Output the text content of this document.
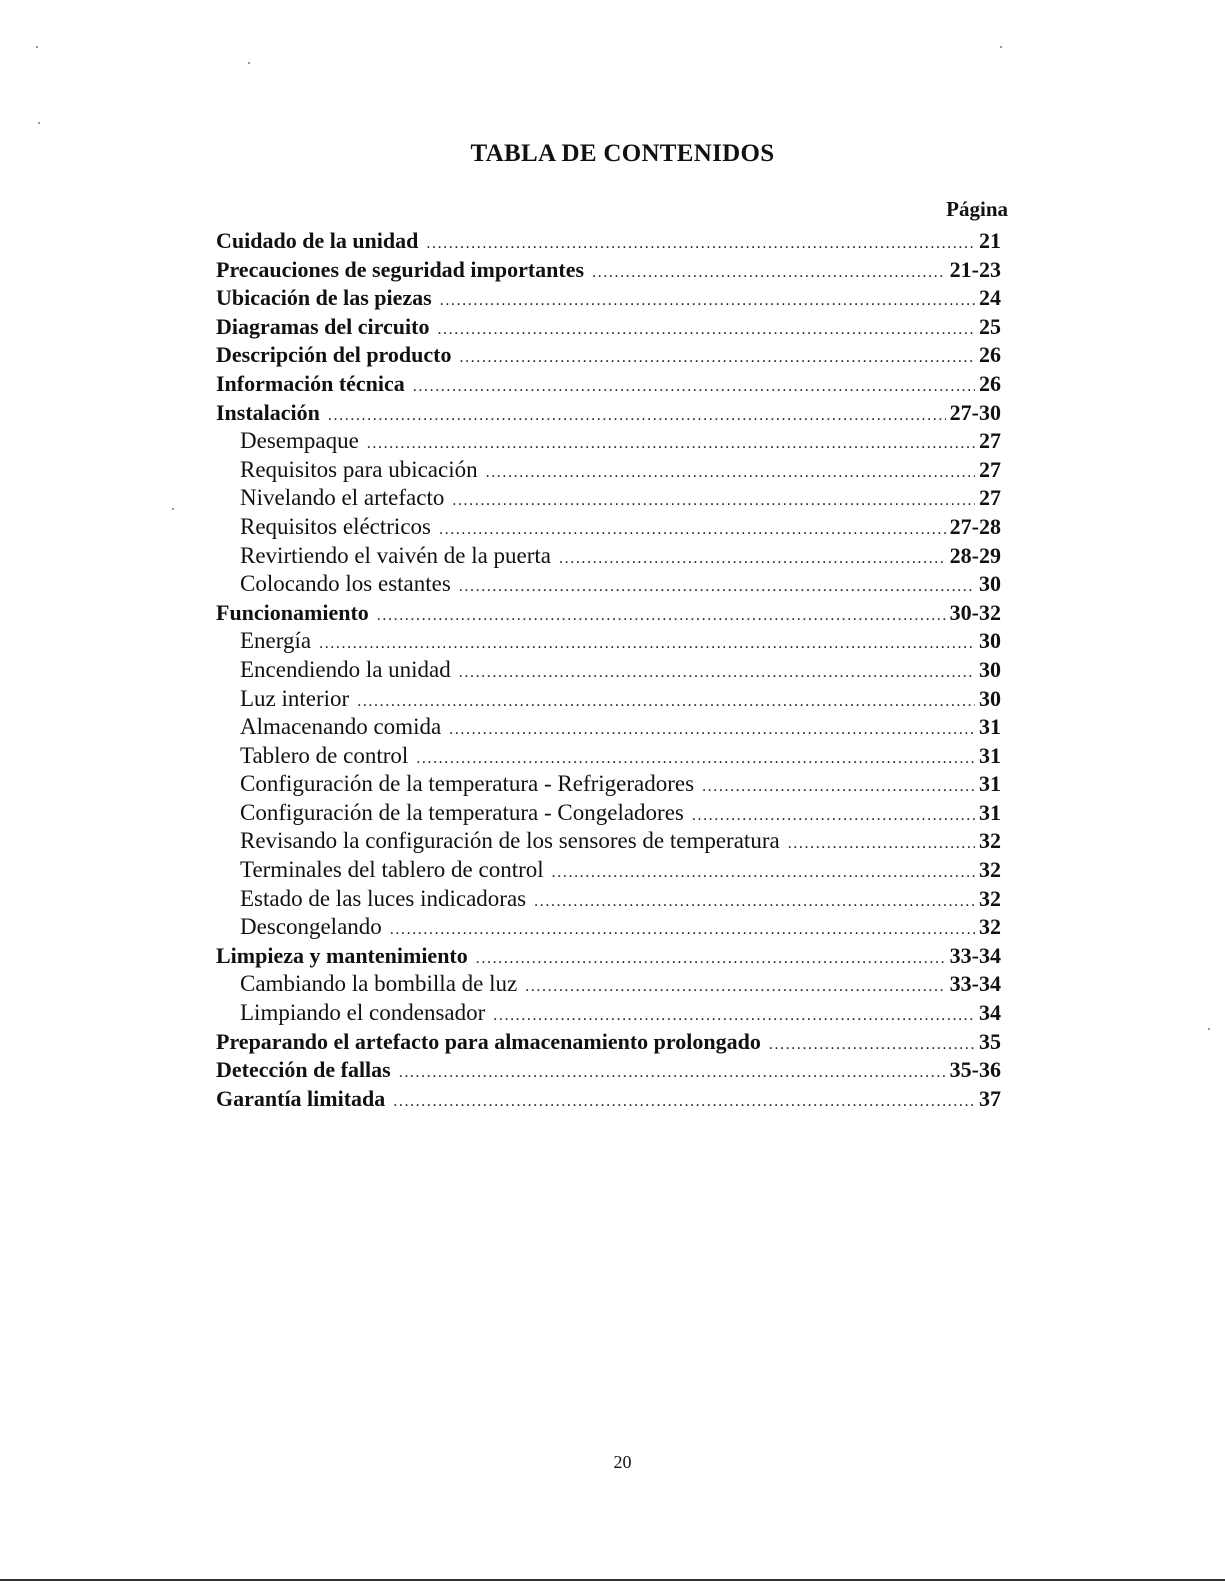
TABLA DE CONTENIDOS
Página
Cuidado de la unidad . . .	21
Precauciones de seguridad importantes . . .	21-23
Ubicación de las piezas . . .	24
Diagramas del circuito . . .	25
Descripción del producto . . .	26
Información técnica . . .	26
Instalación . . .	27-30
Desempaque . . .	27
Requisitos para ubicación . . .	27
Nivelando el artefacto . . .	27
Requisitos eléctricos . . .	27-28
Revirtiendo el vaivén de la puerta . . .	28-29
Colocando los estantes . . .	30
Funcionamiento . . .	30-32
Energía . . .	30
Encendiendo la unidad . . .	30
Luz interior . . .	30
Almacenando comida . . .	31
Tablero de control . . .	31
Configuración de la temperatura - Refrigeradores . . .	31
Configuración de la temperatura - Congeladores . . .	31
Revisando la configuración de los sensores de temperatura . . .	32
Terminales del tablero de control . . .	32
Estado de las luces indicadoras . . .	32
Descongelando . . .	32
Limpieza y mantenimiento . . .	33-34
Cambiando la bombilla de luz . . .	33-34
Limpiando el condensador . . .	34
Preparando el artefacto para almacenamiento prolongado . . .	35
Detección de fallas . . .	35-36
Garantía limitada . . .	37
20
